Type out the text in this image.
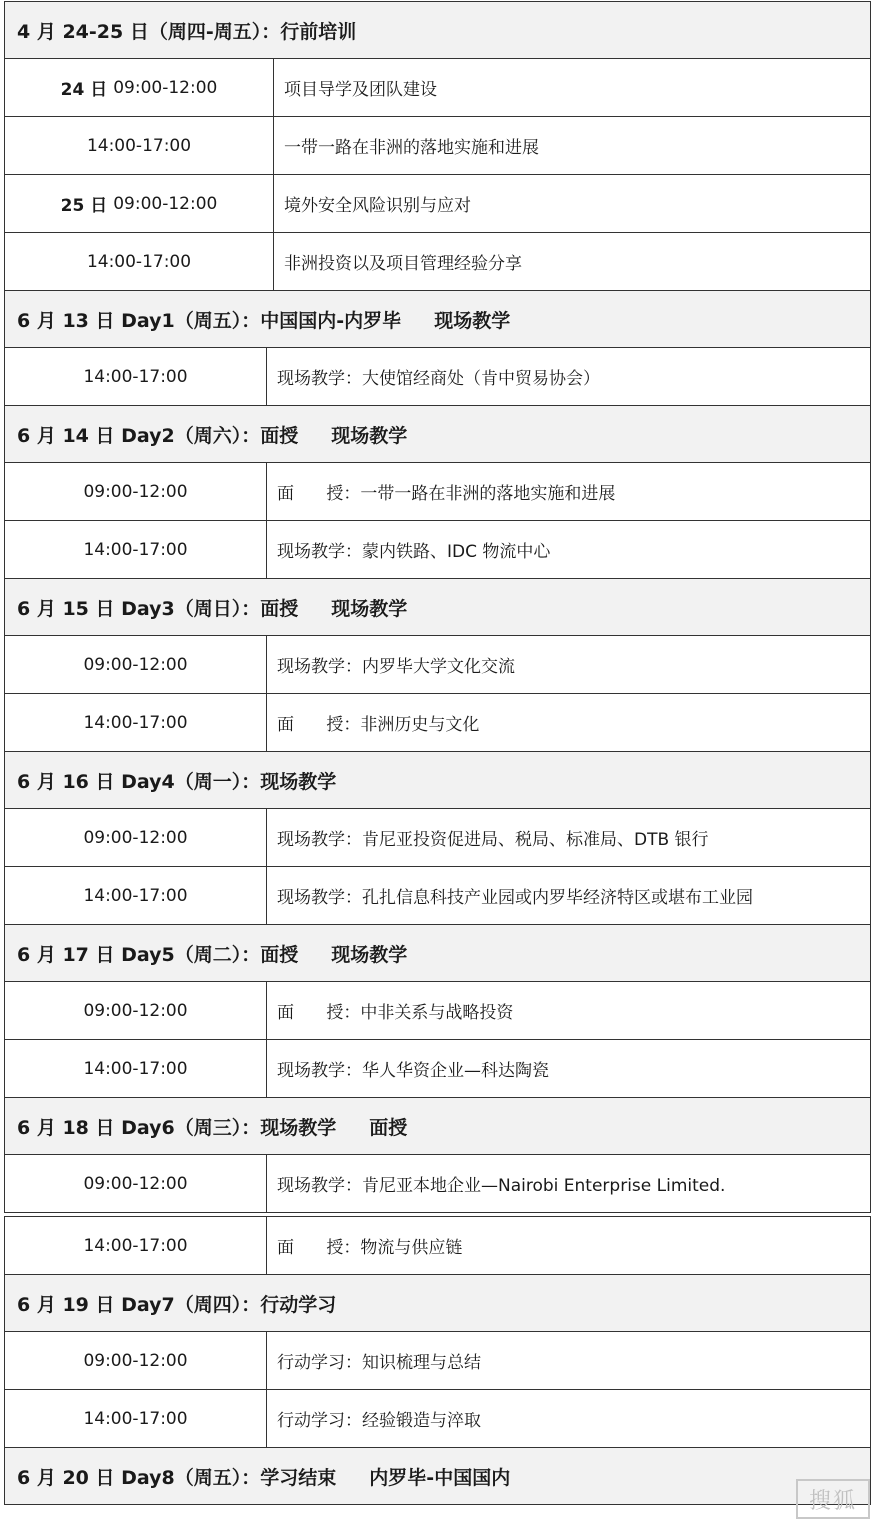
4 月 24-25 日（周四-周五）：行前培训
24 日 09:00-12:00	项目导学及团队建设
14:00-17:00	一带一路在非洲的落地实施和进展
25 日 09:00-12:00	境外安全风险识别与应对
14:00-17:00	非洲投资以及项目管理经验分享
6 月 13 日 Day1（周五）：中国国内-内罗毕     现场教学
14:00-17:00	现场教学：大使馆经商处（肯中贸易协会）
6 月 14 日 Day2（周六）：面授     现场教学
09:00-12:00	面      授：一带一路在非洲的落地实施和进展
14:00-17:00	现场教学：蒙内铁路、IDC 物流中心
6 月 15 日 Day3（周日）：面授     现场教学
09:00-12:00	现场教学：内罗毕大学文化交流
14:00-17:00	面      授：非洲历史与文化
6 月 16 日 Day4（周一）：现场教学
09:00-12:00	现场教学：肯尼亚投资促进局、税局、标准局、DTB 银行
14:00-17:00	现场教学：孔扎信息科技产业园或内罗毕经济特区或堪布工业园
6 月 17 日 Day5（周二）：面授     现场教学
09:00-12:00	面      授：中非关系与战略投资
14:00-17:00	现场教学：华人华资企业—科达陶瓷
6 月 18 日 Day6（周三）：现场教学     面授
09:00-12:00	现场教学：肯尼亚本地企业—Nairobi Enterprise Limited.
14:00-17:00	面      授：物流与供应链
6 月 19 日 Day7（周四）：行动学习
09:00-12:00	行动学习：知识梳理与总结
14:00-17:00	行动学习：经验锻造与淬取
6 月 20 日 Day8（周五）：学习结束     内罗毕-中国国内
搜狐
